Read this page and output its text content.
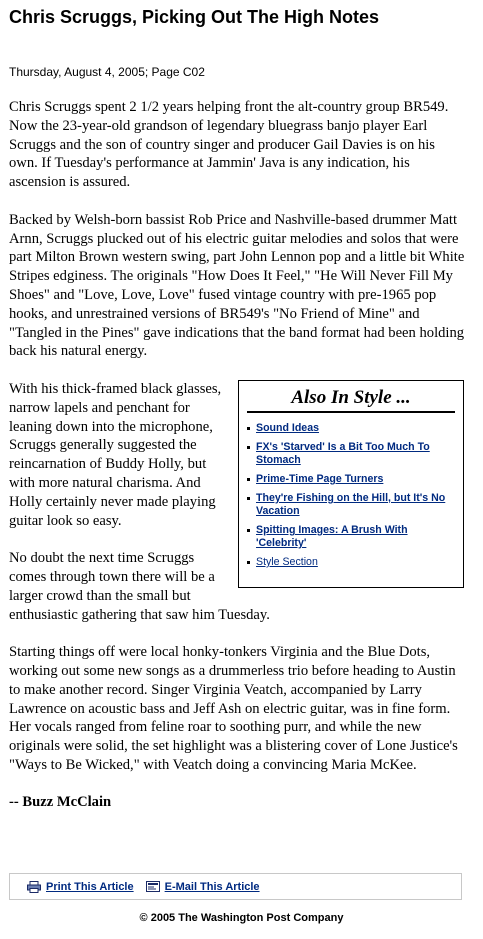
Chris Scruggs, Picking Out The High Notes
Thursday, August 4, 2005; Page C02

Chris Scruggs spent 2 1/2 years helping front the alt-country group BR549. Now the 23-year-old grandson of legendary bluegrass banjo player Earl Scruggs and the son of country singer and producer Gail Davies is on his own. If Tuesday's performance at Jammin' Java is any indication, his ascension is assured.

Backed by Welsh-born bassist Rob Price and Nashville-based drummer Matt Arnn, Scruggs plucked out of his electric guitar melodies and solos that were part Milton Brown western swing, part John Lennon pop and a little bit White Stripes edginess. The originals "How Does It Feel," "He Will Never Fill My Shoes" and "Love, Love, Love" fused vintage country with pre-1965 pop hooks, and unrestrained versions of BR549's "No Friend of Mine" and "Tangled in the Pines" gave indications that the band format had been holding back his natural energy.

Also In Style ...
Sound Ideas
FX's 'Starved' Is a Bit Too Much To Stomach
Prime-Time Page Turners
They're Fishing on the Hill, but It's No Vacation
Spitting Images: A Brush With 'Celebrity'
Style Section

With his thick-framed black glasses, narrow lapels and penchant for leaning down into the microphone, Scruggs generally suggested the reincarnation of Buddy Holly, but with more natural charisma. And Holly certainly never made playing guitar look so easy.

No doubt the next time Scruggs comes through town there will be a larger crowd than the small but enthusiastic gathering that saw him Tuesday.

Starting things off were local honky-tonkers Virginia and the Blue Dots, working out some new songs as a drummerless trio before heading to Austin to make another record. Singer Virginia Veatch, accompanied by Larry Lawrence on acoustic bass and Jeff Ash on electric guitar, was in fine form. Her vocals ranged from feline roar to soothing purr, and while the new originals were solid, the set highlight was a blistering cover of Lone Justice's "Ways to Be Wicked," with Veatch doing a convincing Maria McKee.

-- Buzz McClain

Print This Article	E-Mail This Article
© 2005 The Washington Post Company
